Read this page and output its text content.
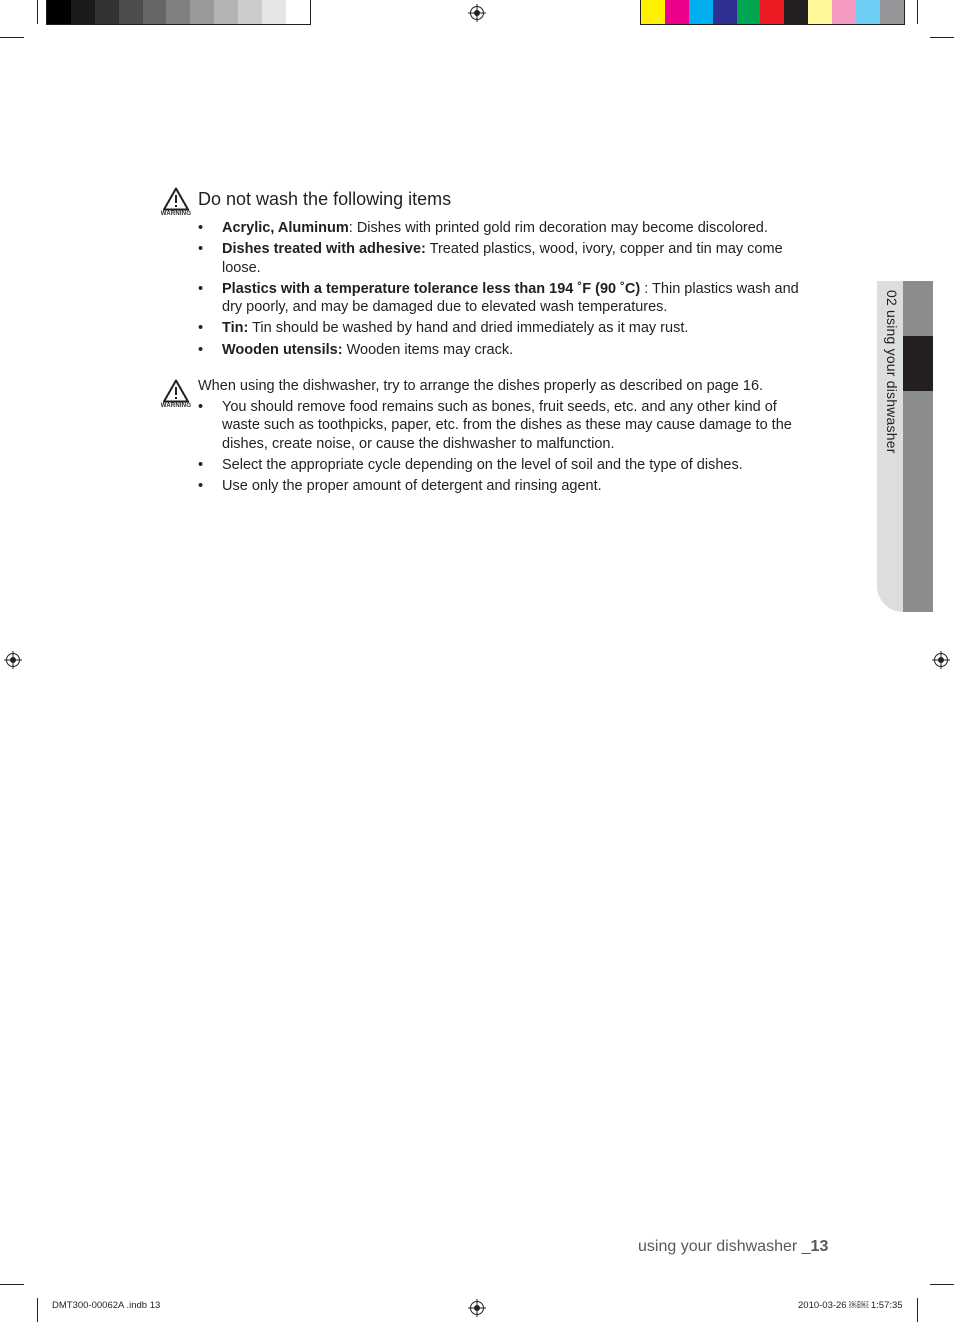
WARNING
Do not wash the following items
• Acrylic, Aluminum: Dishes with printed gold rim decoration may become discolored.
• Dishes treated with adhesive: Treated plastics, wood, ivory, copper and tin may come loose.
• Plastics with a temperature tolerance less than 194 ˚F (90 ˚C) : Thin plastics wash and dry poorly, and may be damaged due to elevated wash temperatures.
• Tin: Tin should be washed by hand and dried immediately as it may rust.
• Wooden utensils: Wooden items may crack.
WARNING
When using the dishwasher, try to arrange the dishes properly as described on page 16.
• You should remove food remains such as bones, fruit seeds, etc. and any other kind of waste such as toothpicks, paper, etc. from the dishes as these may cause damage to the dishes, create noise, or cause the dishwasher to malfunction.
• Select the appropriate cycle depending on the level of soil and the type of dishes.
• Use only the proper amount of detergent and rinsing agent.
02 using your dishwasher
using your dishwasher _13
DMT300-00062A .indb 13	2010-03-26 ￼￼ 1:57:35
